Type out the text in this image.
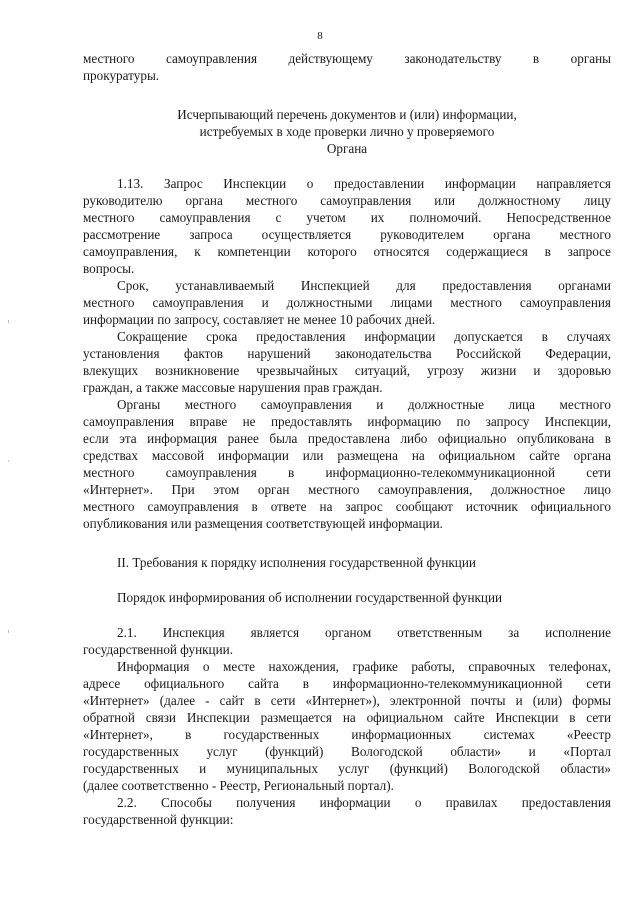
8
местного самоуправления действующему законодательству в органы
прокуратуры.
Исчерпывающий перечень документов и (или) информации,
истребуемых в ходе проверки лично у проверяемого
Органа
1.13. Запрос Инспекции о предоставлении информации направляется
руководителю органа местного самоуправления или должностному лицу
местного самоуправления с учетом их полномочий. Непосредственное
рассмотрение запроса осуществляется руководителем органа местного
самоуправления, к компетенции которого относятся содержащиеся в запросе
вопросы.
Срок, устанавливаемый Инспекцией для предоставления органами
местного самоуправления и должностными лицами местного самоуправления
информации по запросу, составляет не менее 10 рабочих дней.
Сокращение срока предоставления информации допускается в случаях
установления фактов нарушений законодательства Российской Федерации,
влекущих возникновение чрезвычайных ситуаций, угрозу жизни и здоровью
граждан, а также массовые нарушения прав граждан.
Органы местного самоуправления и должностные лица местного
самоуправления вправе не предоставлять информацию по запросу Инспекции,
если эта информация ранее была предоставлена либо официально опубликована в
средствах массовой информации или размещена на официальном сайте органа
местного самоуправления в информационно-телекоммуникационной сети
«Интернет». При этом орган местного самоуправления, должностное лицо
местного самоуправления в ответе на запрос сообщают источник официального
опубликования или размещения соответствующей информации.
II. Требования к порядку исполнения государственной функции
Порядок информирования об исполнении государственной функции
2.1. Инспекция является органом ответственным за исполнение
государственной функции.
Информация о месте нахождения, графике работы, справочных телефонах,
адресе официального сайта в информационно-телекоммуникационной сети
«Интернет» (далее - сайт в сети «Интернет»), электронной почты и (или) формы
обратной связи Инспекции размещается на официальном сайте Инспекции в сети
«Интернет», в государственных информационных системах «Реестр
государственных услуг (функций) Вологодской области» и «Портал
государственных и муниципальных услуг (функций) Вологодской области»
(далее соответственно - Реестр, Региональный портал).
2.2. Способы получения информации о правилах предоставления
государственной функции:
